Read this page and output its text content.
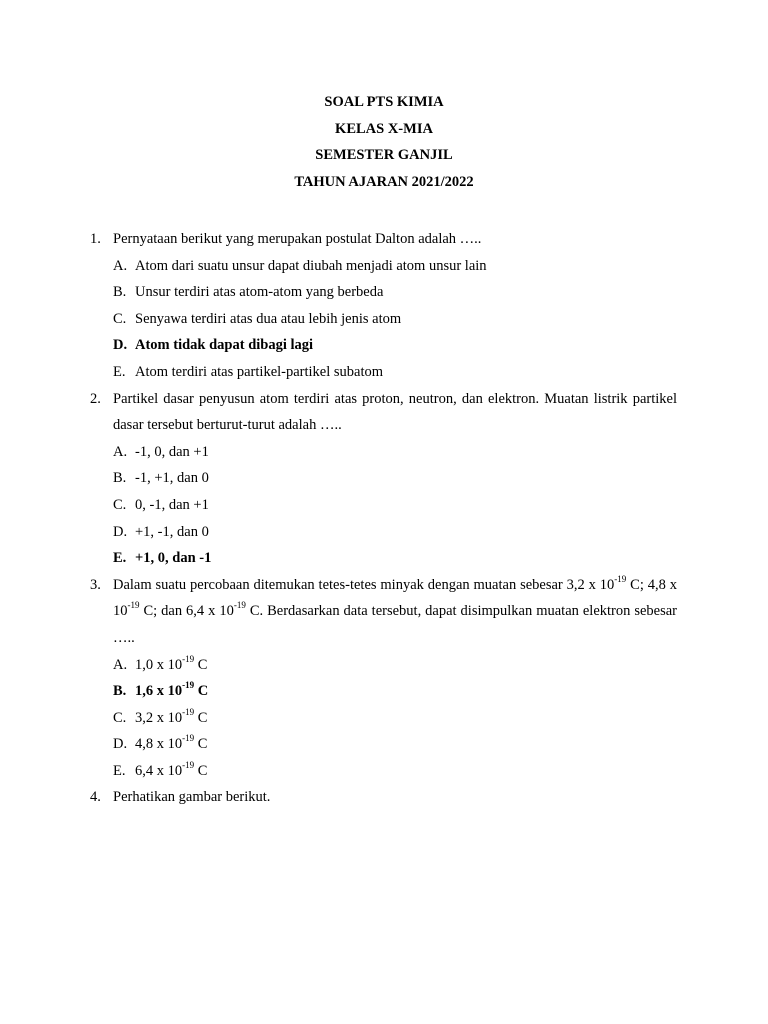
SOAL PTS KIMIA
KELAS X-MIA
SEMESTER GANJIL
TAHUN AJARAN 2021/2022
1. Pernyataan berikut yang merupakan postulat Dalton adalah …..
A. Atom dari suatu unsur dapat diubah menjadi atom unsur lain
B. Unsur terdiri atas atom-atom yang berbeda
C. Senyawa terdiri atas dua atau lebih jenis atom
D. Atom tidak dapat dibagi lagi
E. Atom terdiri atas partikel-partikel subatom
2. Partikel dasar penyusun atom terdiri atas proton, neutron, dan elektron. Muatan listrik partikel dasar tersebut berturut-turut adalah …..
A. -1, 0, dan +1
B. -1, +1, dan 0
C. 0, -1, dan +1
D. +1, -1, dan 0
E. +1, 0, dan -1
3. Dalam suatu percobaan ditemukan tetes-tetes minyak dengan muatan sebesar 3,2 x $10^{-19}$ C; 4,8 x $10^{-19}$ C; dan 6,4 x $10^{-19}$ C. Berdasarkan data tersebut, dapat disimpulkan muatan elektron sebesar …..
A. 1,0 x $10^{-19}$ C
B. 1,6 x $10^{-19}$ C
C. 3,2 x $10^{-19}$ C
D. 4,8 x $10^{-19}$ C
E. 6,4 x $10^{-19}$ C
4. Perhatikan gambar berikut.
